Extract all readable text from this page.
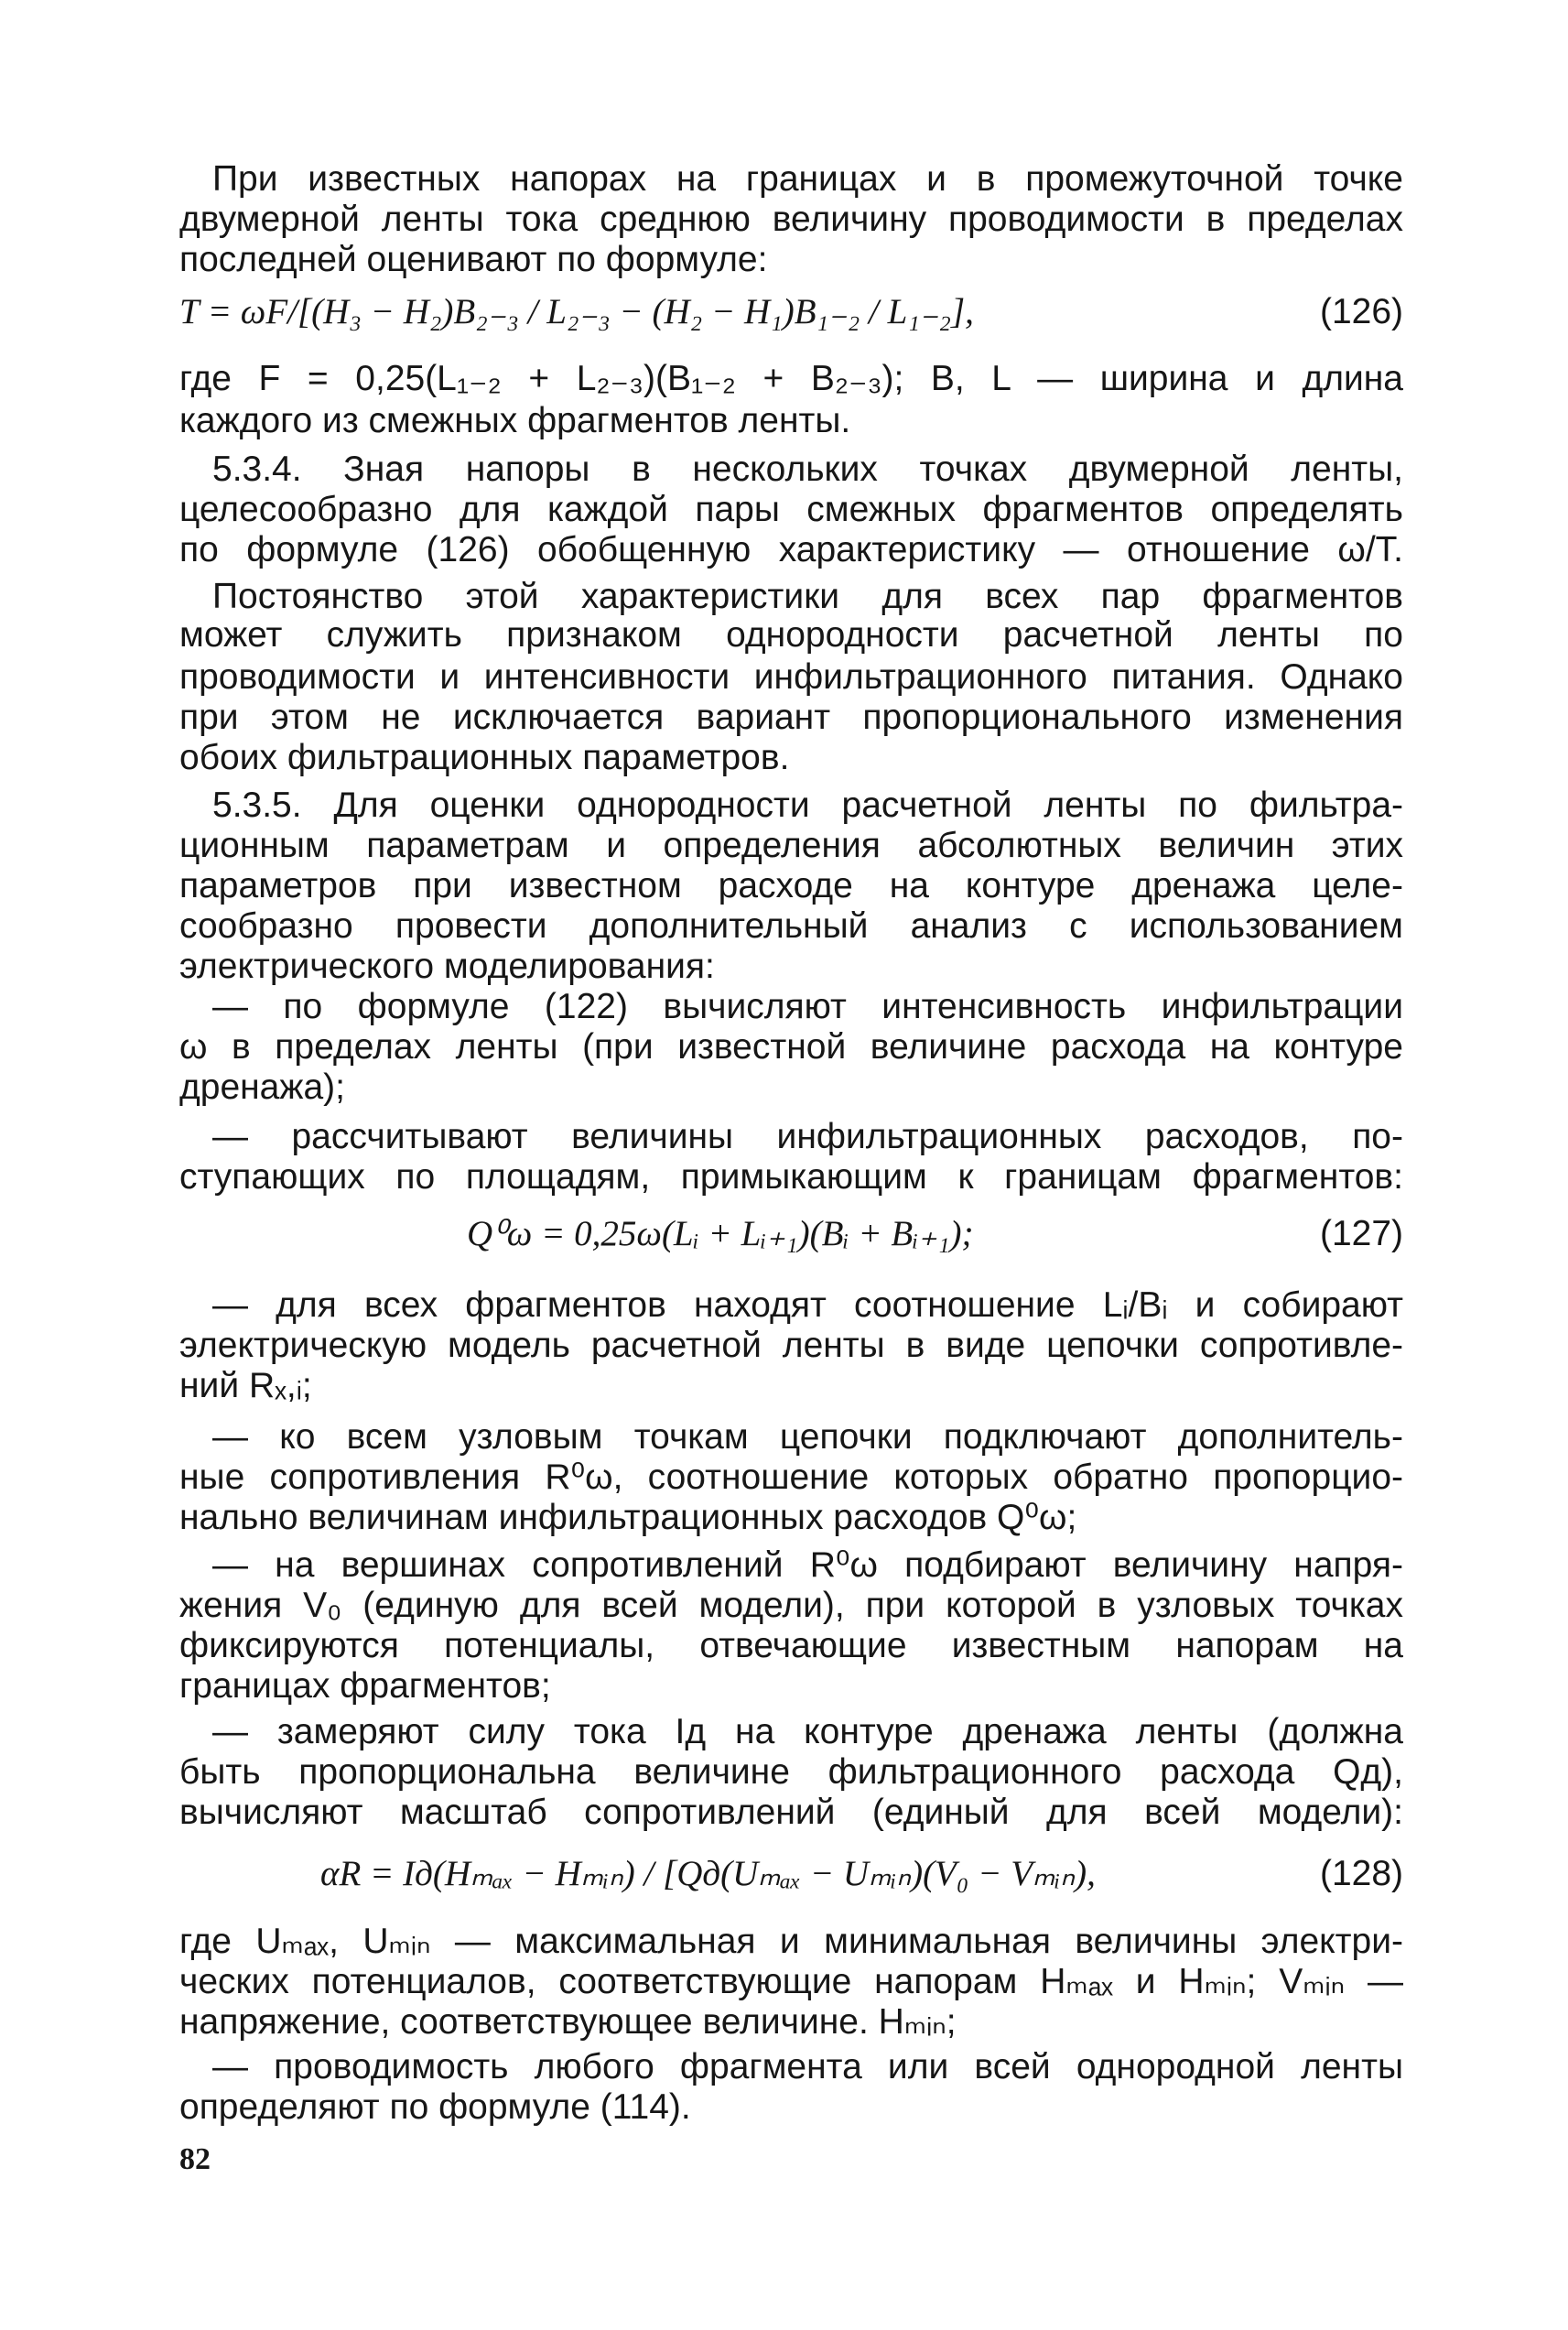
82
При известных напорах на границах и в промежуточной точке
двумерной ленты тока среднюю величину проводимости в пределах
последней оценивают по формуле:
T = ωF/[(H₃ − H₂)B₂₋₃ / L₂₋₃ − (H₂ − H₁)B₁₋₂ / L₁₋₂],	(126)
где F = 0,25(L₁₋₂ + L₂₋₃)(B₁₋₂ + B₂₋₃); B, L — ширина и длина
каждого из смежных фрагментов ленты.
5.3.4. Зная напоры в нескольких точках двумерной ленты,
целесообразно для каждой пары смежных фрагментов определять
по формуле (126) обобщенную характеристику — отношение ω/T.
Постоянство этой характеристики для всех пар фрагментов
может служить признаком однородности расчетной ленты по
проводимости и интенсивности инфильтрационного питания. Однако
при этом не исключается вариант пропорционального изменения
обоих фильтрационных параметров.
5.3.5. Для оценки однородности расчетной ленты по фильтра-
ционным параметрам и определения абсолютных величин этих
параметров при известном расходе на контуре дренажа целе-
сообразно провести дополнительный анализ с использованием
электрического моделирования:
— по формуле (122) вычисляют интенсивность инфильтрации
ω в пределах ленты (при известной величине расхода на контуре
дренажа);
— рассчитывают величины инфильтрационных расходов, по-
ступающих по площадям, примыкающим к границам фрагментов:
Q⁰ω = 0,25ω(Lᵢ + Lᵢ₊₁)(Bᵢ + Bᵢ₊₁);	(127)
— для всех фрагментов находят соотношение Lᵢ/Bᵢ и собирают
электрическую модель расчетной ленты в виде цепочки сопротивле-
ний Rₓ,ᵢ;
— ко всем узловым точкам цепочки подключают дополнитель-
ные сопротивления R⁰ω, соотношение которых обратно пропорцио-
нально величинам инфильтрационных расходов Q⁰ω;
— на вершинах сопротивлений R⁰ω подбирают величину напря-
жения V₀ (единую для всей модели), при которой в узловых точках
фиксируются потенциалы, отвечающие известным напорам на
границах фрагментов;
— замеряют силу тока Iд на контуре дренажа ленты (должна
быть пропорциональна величине фильтрационного расхода Qд),
вычисляют масштаб сопротивлений (единый для всей модели):
αR = Iд(Hₘₐₓ − Hₘᵢₙ) / [Qд(Uₘₐₓ − Uₘᵢₙ)(V₀ − Vₘᵢₙ),	(128)
где Uₘₐₓ, Uₘᵢₙ — максимальная и минимальная величины электри-
ческих потенциалов, соответствующие напорам Hₘₐₓ и Hₘᵢₙ; Vₘᵢₙ —
напряжение, соответствующее величине. Hₘᵢₙ;
— проводимость любого фрагмента или всей однородной ленты
определяют по формуле (114).
